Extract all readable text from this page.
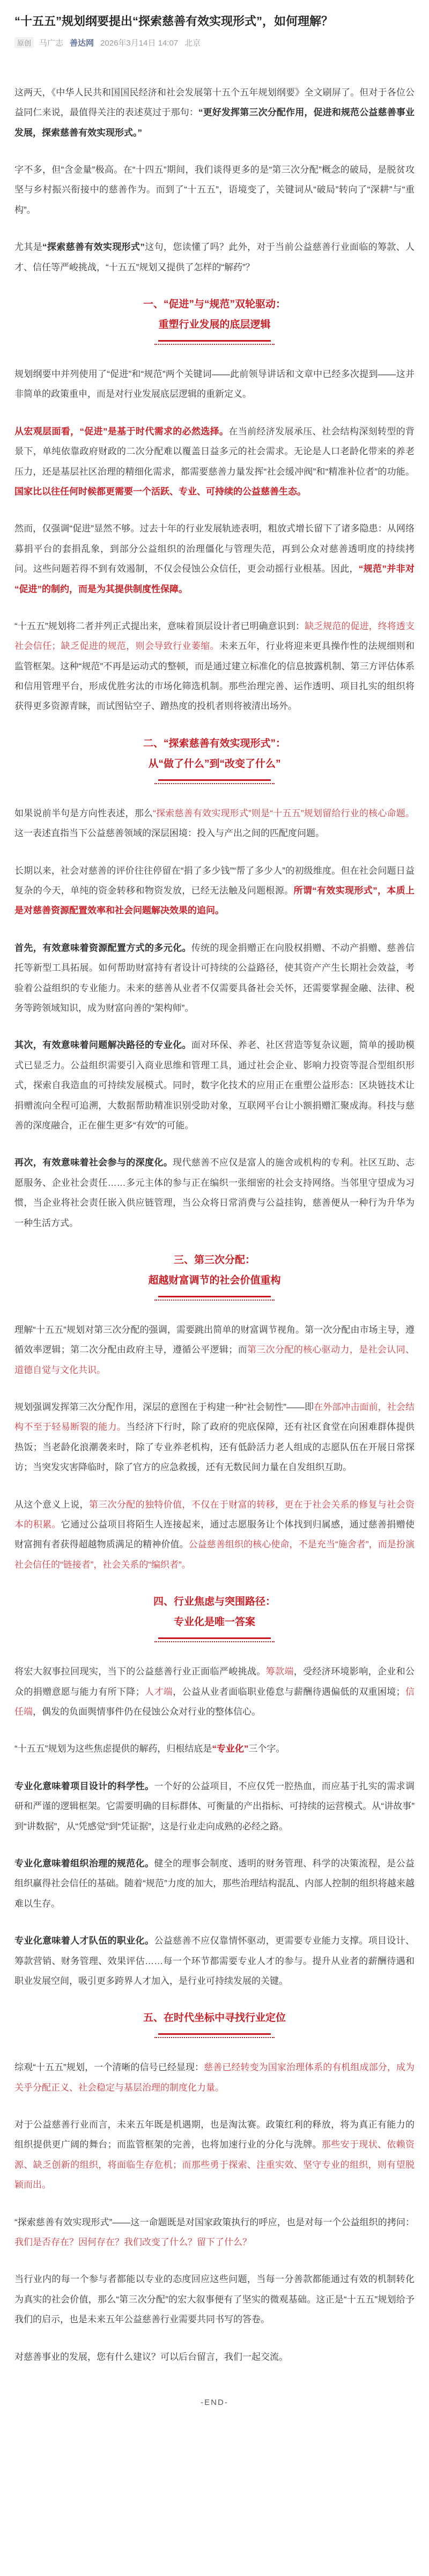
“十五五”规划纲要提出“探索慈善有效实现形式”，如何理解？
原创	马广志 善达网 2026年3月14日 14:07 北京

这两天，《中华人民共和国国民经济和社会发展第十五个五年规划纲要》全文刷屏了。但对于各位公益同仁来说，最值得关注的表述莫过于那句：“更好发挥第三次分配作用，促进和规范公益慈善事业发展，探索慈善有效实现形式。”

字不多，但“含金量”极高。在“十四五”期间，我们谈得更多的是“第三次分配”概念的破局，是脱贫攻坚与乡村振兴衔接中的慈善作为。而到了“十五五”，语境变了，关键词从“破局”转向了“深耕”与“重构”。

尤其是“探索慈善有效实现形式”这句，您读懂了吗？此外，对于当前公益慈善行业面临的筹款、人才、信任等严峻挑战，“十五五”规划又提供了怎样的“解药”？

一、“促进”与“规范”双轮驱动：
重塑行业发展的底层逻辑

规划纲要中并列使用了“促进”和“规范”两个关键词——此前领导讲话和文章中已经多次提到——这并非简单的政策重申，而是对行业发展底层逻辑的重新定义。

从宏观层面看，“促进”是基于时代需求的必然选择。在当前经济发展承压、社会结构深刻转型的背景下，单纯依靠政府财政的二次分配难以覆盖日益多元的社会需求。无论是人口老龄化带来的养老压力，还是基层社区治理的精细化需求，都需要慈善力量发挥“社会缓冲阀”和“精准补位者”的功能。国家比以往任何时候都更需要一个活跃、专业、可持续的公益慈善生态。

然而，仅强调“促进”显然不够。过去十年的行业发展轨迹表明，粗放式增长留下了诸多隐患：从网络募捐平台的套捐乱象，到部分公益组织的治理僵化与管理失范，再到公众对慈善透明度的持续拷问。这些问题若得不到有效遏制，不仅会侵蚀公众信任，更会动摇行业根基。因此，“规范”并非对“促进”的制约，而是为其提供制度性保障。

“十五五”规划将二者并列正式提出来，意味着顶层设计者已明确意识到：缺乏规范的促进，终将透支社会信任；缺乏促进的规范，则会导致行业萎缩。未来五年，行业将迎来更具操作性的法规细则和监管框架。这种“规范”不再是运动式的整顿，而是通过建立标准化的信息披露机制、第三方评估体系和信用管理平台，形成优胜劣汰的市场化筛选机制。那些治理完善、运作透明、项目扎实的组织将获得更多资源青睐，而试图钻空子、蹭热度的投机者则将被清出场外。

二、“探索慈善有效实现形式”：
从“做了什么”到“改变了什么”

如果说前半句是方向性表述，那么“探索慈善有效实现形式”则是“十五五”规划留给行业的核心命题。这一表述直指当下公益慈善领域的深层困境：投入与产出之间的匹配度问题。

长期以来，社会对慈善的评价往往停留在“捐了多少钱”“帮了多少人”的初级维度。但在社会问题日益复杂的今天，单纯的资金转移和物资发放，已经无法触及问题根源。所谓“有效实现形式”，本质上是对慈善资源配置效率和社会问题解决效果的追问。

首先，有效意味着资源配置方式的多元化。传统的现金捐赠正在向股权捐赠、不动产捐赠、慈善信托等新型工具拓展。如何帮助财富持有者设计可持续的公益路径，使其资产产生长期社会效益，考验着公益组织的专业能力。未来的慈善从业者不仅需要具备社会关怀，还需要掌握金融、法律、税务等跨领域知识，成为财富向善的“架构师”。

其次，有效意味着问题解决路径的专业化。面对环保、养老、社区营造等复杂议题，简单的援助模式已显乏力。公益组织需要引入商业思维和管理工具，通过社会企业、影响力投资等混合型组织形式，探索自我造血的可持续发展模式。同时，数字化技术的应用正在重塑公益形态：区块链技术让捐赠流向全程可追溯，大数据帮助精准识别受助对象，互联网平台让小额捐赠汇聚成海。科技与慈善的深度融合，正在催生更多“有效”的可能。

再次，有效意味着社会参与的深度化。现代慈善不应仅是富人的施舍或机构的专利。社区互助、志愿服务、企业社会责任……多元主体的参与正在编织一张细密的社会支持网络。当邻里守望成为习惯，当企业将社会责任嵌入供应链管理，当公众将日常消费与公益挂钩，慈善便从一种行为升华为一种生活方式。

三、第三次分配：
超越财富调节的社会价值重构

理解“十五五”规划对第三次分配的强调，需要跳出简单的财富调节视角。第一次分配由市场主导，遵循效率逻辑；第二次分配由政府主导，遵循公平逻辑；而第三次分配的核心驱动力，是社会认同、道德自觉与文化共识。

规划强调发挥第三次分配作用，深层的意图在于构建一种“社会韧性”——即在外部冲击面前，社会结构不至于轻易断裂的能力。当经济下行时，除了政府的兜底保障，还有社区食堂在向困难群体提供热饭；当老龄化浪潮袭来时，除了专业养老机构，还有低龄活力老人组成的志愿队伍在开展日常探访；当突发灾害降临时，除了官方的应急救援，还有无数民间力量在自发组织互助。

从这个意义上说，第三次分配的独特价值，不仅在于财富的转移，更在于社会关系的修复与社会资本的积累。它通过公益项目将陌生人连接起来，通过志愿服务让个体找到归属感，通过慈善捐赠使财富拥有者获得超越物质满足的精神价值。公益慈善组织的核心使命，不是充当“施舍者”，而是扮演社会信任的“链接者”，社会关系的“编织者”。

四、行业焦虑与突围路径：
专业化是唯一答案

将宏大叙事拉回现实，当下的公益慈善行业正面临严峻挑战。筹款端，受经济环境影响，企业和公众的捐赠意愿与能力有所下降；人才端，公益从业者面临职业倦怠与薪酬待遇偏低的双重困境；信任端，偶发的负面舆情事件仍在侵蚀公众对行业的整体信心。

“十五五”规划为这些焦虑提供的解药，归根结底是“专业化”三个字。

专业化意味着项目设计的科学性。一个好的公益项目，不应仅凭一腔热血，而应基于扎实的需求调研和严谨的逻辑框架。它需要明确的目标群体、可衡量的产出指标、可持续的运营模式。从“讲故事”到“讲数据”，从“凭感觉”到“凭证据”，这是行业走向成熟的必经之路。

专业化意味着组织治理的规范化。健全的理事会制度、透明的财务管理、科学的决策流程，是公益组织赢得社会信任的基础。随着“规范”力度的加大，那些治理结构混乱、内部人控制的组织将越来越难以生存。

专业化意味着人才队伍的职业化。公益慈善不应仅靠情怀驱动，更需要专业能力支撑。项目设计、筹款营销、财务管理、效果评估……每一个环节都需要专业人才的参与。提升从业者的薪酬待遇和职业发展空间，吸引更多跨界人才加入，是行业可持续发展的关键。

五、在时代坐标中寻找行业定位

综观“十五五”规划，一个清晰的信号已经显现：慈善已经转变为国家治理体系的有机组成部分，成为关乎分配正义、社会稳定与基层治理的制度化力量。

对于公益慈善行业而言，未来五年既是机遇期，也是淘汰赛。政策红利的释放，将为真正有能力的组织提供更广阔的舞台；而监管框架的完善，也将加速行业的分化与洗牌。那些安于现状、依赖资源、缺乏创新的组织，将面临生存危机；而那些勇于探索、注重实效、坚守专业的组织，则有望脱颖而出。

“探索慈善有效实现形式”——这一命题既是对国家政策执行的呼应，也是对每一个公益组织的拷问：我们是否存在？因何存在？我们改变了什么？留下了什么？

当行业内的每一个参与者都能以专业的态度回应这些问题，当每一分善款都能通过有效的机制转化为真实的社会价值，那么“第三次分配”的宏大叙事便有了坚实的微观基础。这正是“十五五”规划给予我们的启示，也是未来五年公益慈善行业需要共同书写的答卷。

对慈善事业的发展，您有什么建议？可以后台留言，我们一起交流。

-END-
